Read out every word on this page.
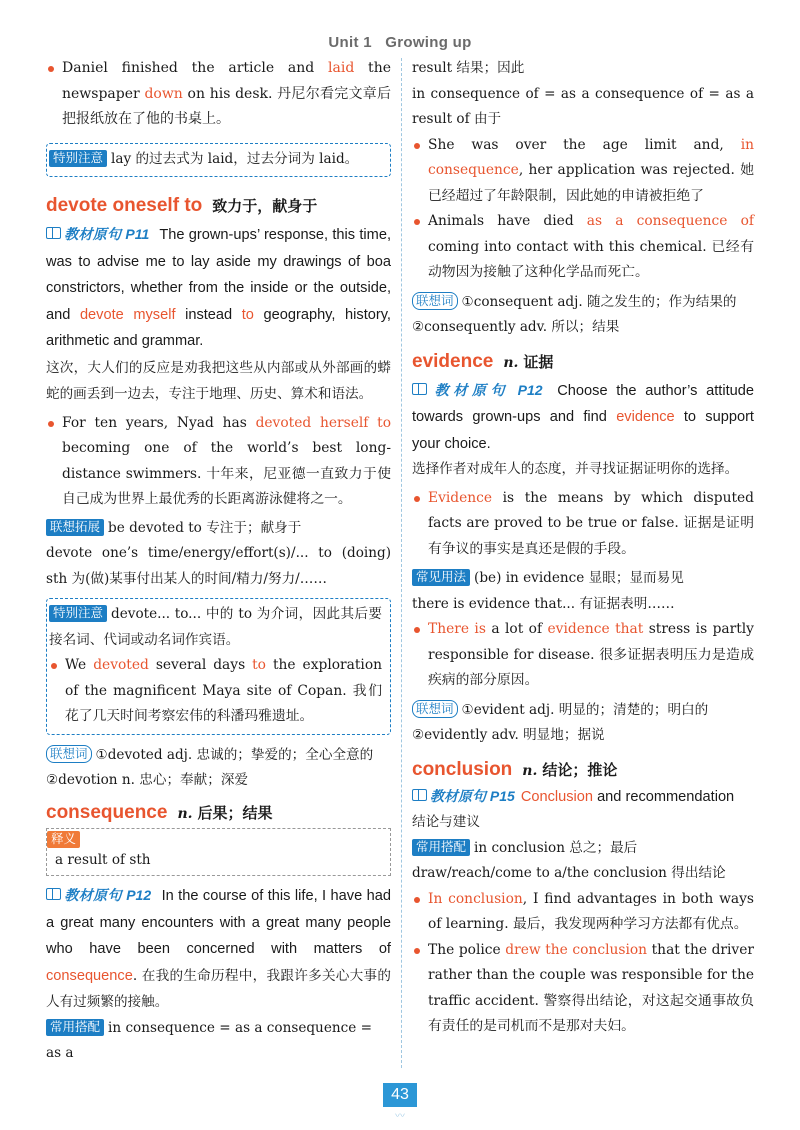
Unit 1 Growing up

Daniel finished the article and laid the newspaper down on his desk. 丹尼尔看完文章后把报纸放在了他的书桌上。

特别注意 lay 的过去式为 laid，过去分词为 laid。
devote oneself to 致力于，献身于

教材原句 P11 The grown-ups’ response, this time, was to advise me to lay aside my drawings of boa constrictors, whether from the inside or the outside, and devote myself instead to geography, history, arithmetic and grammar.

这次，大人们的反应是劝我把这些从内部或从外部画的蟒蛇的画丢到一边去，专注于地理、历史、算术和语法。

For ten years, Nyad has devoted herself to becoming one of the world’s best long-distance swimmers. 十年来，尼亚德一直致力于使自己成为世界上最优秀的长距离游泳健将之一。

联想拓展 be devoted to 专注于；献身于

devote one’s time/energy/effort(s)/... to (doing) sth 为(做)某事付出某人的时间/精力/努力/……

特别注意 devote... to... 中的 to 为介词，因此其后要接名词、代词或动名词作宾语。

We devoted several days to the exploration of the magnificent Maya site of Copan. 我们花了几天时间考察宏伟的科潘玛雅遗址。

联想词 ①devoted adj. 忠诚的；挚爱的；全心全意的

②devotion n. 忠心；奉献；深爱

consequence n. 后果；结果
释义
a result of sth

教材原句 P12 In the course of this life, I have had a great many encounters with a great many people who have been concerned with matters of consequence. 在我的生命历程中，我跟许多关心大事的人有过频繁的接触。

常用搭配 in consequence = as a consequence = as a

result 结果；因此

in consequence of = as a consequence of = as a result of 由于

She was over the age limit and, in consequence, her application was rejected. 她已经超过了年龄限制，因此她的申请被拒绝了

Animals have died as a consequence of coming into contact with this chemical. 已经有动物因为接触了这种化学品而死亡。

联想词 ①consequent adj. 随之发生的；作为结果的

②consequently adv. 所以；结果

evidence n. 证据

教材原句 P12 Choose the author’s attitude towards grown-ups and find evidence to support your choice.

选择作者对成年人的态度，并寻找证据证明你的选择。

Evidence is the means by which disputed facts are proved to be true or false. 证据是证明有争议的事实是真还是假的手段。

常见用法 (be) in evidence 显眼；显而易见

there is evidence that... 有证据表明……

There is a lot of evidence that stress is partly responsible for disease. 很多证据表明压力是造成疾病的部分原因。

联想词 ①evident adj. 明显的；清楚的；明白的

②evidently adv. 明显地；据说

conclusion n. 结论；推论

教材原句 P15 Conclusion and recommendation

结论与建议

常用搭配 in conclusion 总之；最后

draw/reach/come to a/the conclusion 得出结论

In conclusion, I find advantages in both ways of learning. 最后，我发现两种学习方法都有优点。

The police drew the conclusion that the driver rather than the couple was responsible for the traffic accident. 警察得出结论，对这起交通事故负有责任的是司机而不是那对夫妇。

43
〰
